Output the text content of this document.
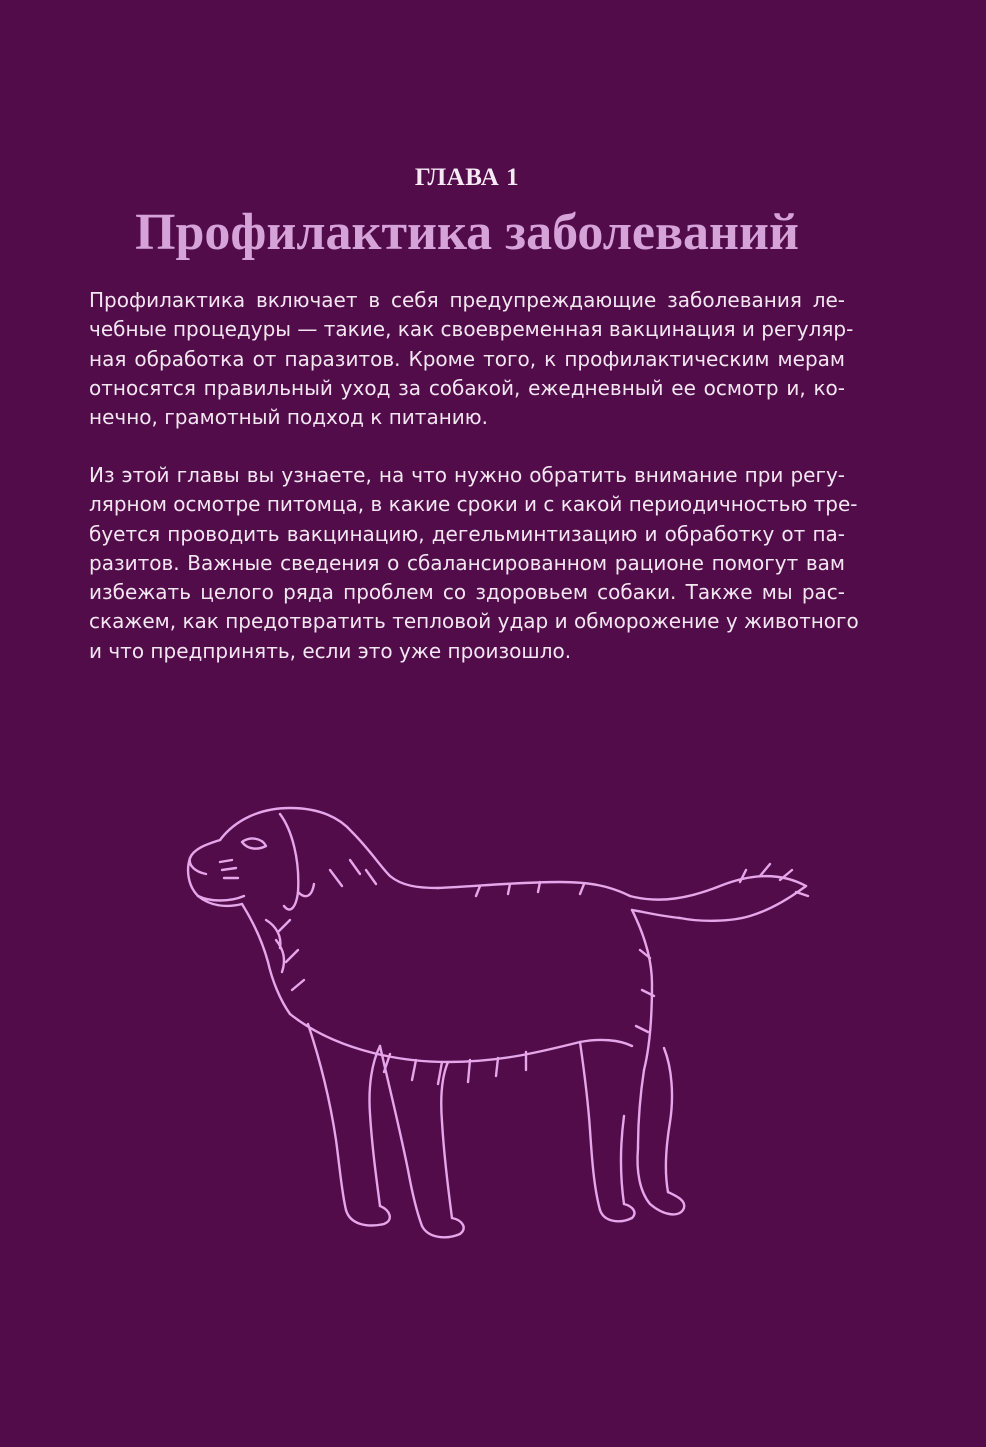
ГЛАВА 1
Профилактика заболеваний
Профилактика включает в себя предупреждающие заболевания ле-
чебные процедуры — такие, как своевременная вакцинация и регуляр-
ная обработка от паразитов. Кроме того, к профилактическим мерам
относятся правильный уход за собакой, ежедневный ее осмотр и, ко-
нечно, грамотный подход к питанию.
Из этой главы вы узнаете, на что нужно обратить внимание при регу-
лярном осмотре питомца, в какие сроки и с какой периодичностью тре-
буется проводить вакцинацию, дегельминтизацию и обработку от па-
разитов. Важные сведения о сбалансированном рационе помогут вам
избежать целого ряда проблем со здоровьем собаки. Также мы рас-
скажем, как предотвратить тепловой удар и обморожение у животного
и что предпринять, если это уже произошло.
